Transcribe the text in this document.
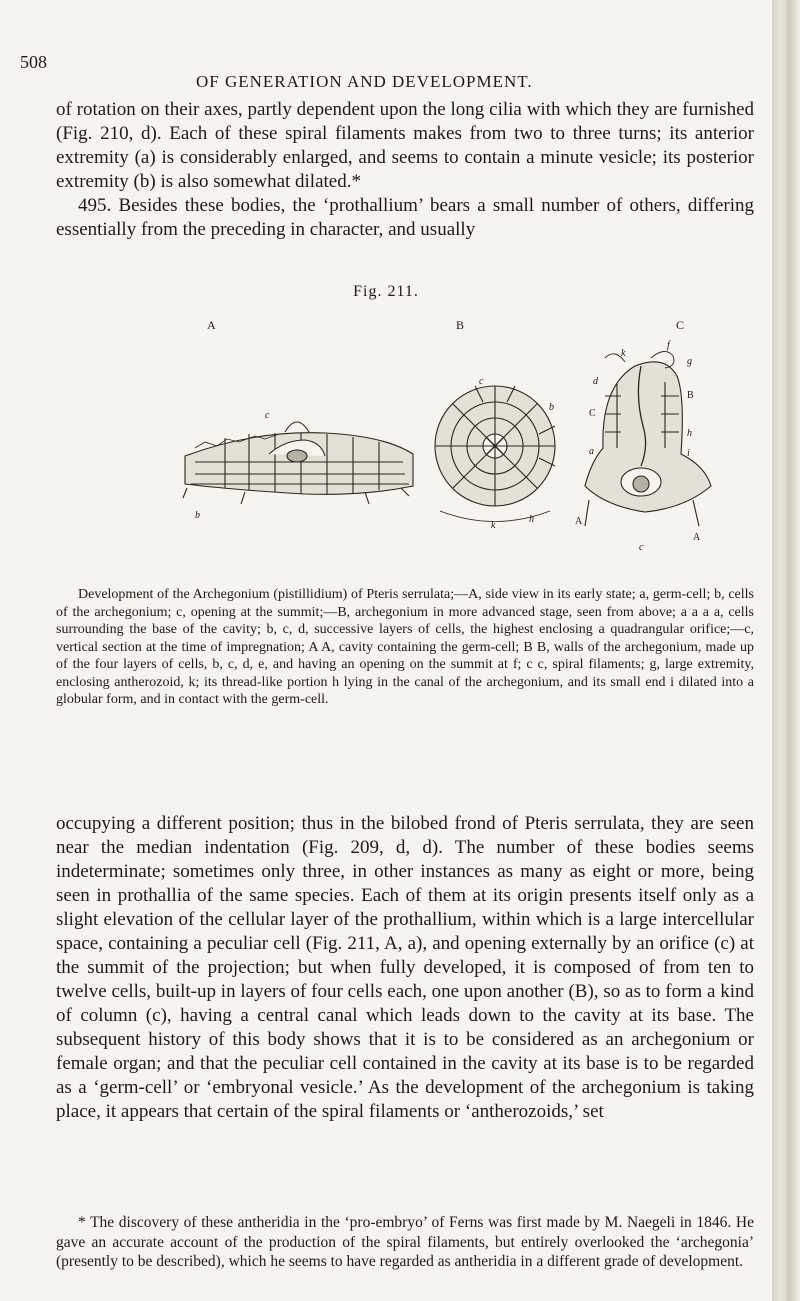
508
OF GENERATION AND DEVELOPMENT.

of rotation on their axes, partly dependent upon the long cilia with which they are furnished (Fig. 210, d). Each of these spiral filaments makes from two to three turns; its anterior extremity (a) is considerably enlarged, and seems to contain a minute vesicle; its posterior extremity (b) is also somewhat dilated.*

495. Besides these bodies, the ‘prothallium’ bears a small number of others, differing essentially from the preceding in character, and usually

Fig. 211.
A	B	C
c
b
c
b
h
k
k
f
g
d
B
C
h
a	i
A
A
c

Development of the Archegonium (pistillidium) of Pteris serrulata;—A, side view in its early state; a, germ-cell; b, cells of the archegonium; c, opening at the summit;—B, archegonium in more advanced stage, seen from above; a a a a, cells surrounding the base of the cavity; b, c, d, successive layers of cells, the highest enclosing a quadrangular orifice;—c, vertical section at the time of impregnation; A A, cavity containing the germ-cell; B B, walls of the archegonium, made up of the four layers of cells, b, c, d, e, and having an opening on the summit at f; c c, spiral filaments; g, large extremity, enclosing antherozoid, k; its thread-like portion h lying in the canal of the archegonium, and its small end i dilated into a globular form, and in contact with the germ-cell.

occupying a different position; thus in the bilobed frond of Pteris serrulata, they are seen near the median indentation (Fig. 209, d, d). The number of these bodies seems indeterminate; sometimes only three, in other instances as many as eight or more, being seen in prothallia of the same species. Each of them at its origin presents itself only as a slight elevation of the cellular layer of the prothallium, within which is a large intercellular space, containing a peculiar cell (Fig. 211, A, a), and opening externally by an orifice (c) at the summit of the projection; but when fully developed, it is composed of from ten to twelve cells, built-up in layers of four cells each, one upon another (B), so as to form a kind of column (c), having a central canal which leads down to the cavity at its base. The subsequent history of this body shows that it is to be considered as an archegonium or female organ; and that the peculiar cell contained in the cavity at its base is to be regarded as a ‘germ-cell’ or ‘embryonal vesicle.’ As the development of the archegonium is taking place, it appears that certain of the spiral filaments or ‘antherozoids,’ set

* The discovery of these antheridia in the ‘pro-embryo’ of Ferns was first made by M. Naegeli in 1846. He gave an accurate account of the production of the spiral filaments, but entirely overlooked the ‘archegonia’ (presently to be described), which he seems to have regarded as antheridia in a different grade of development.
